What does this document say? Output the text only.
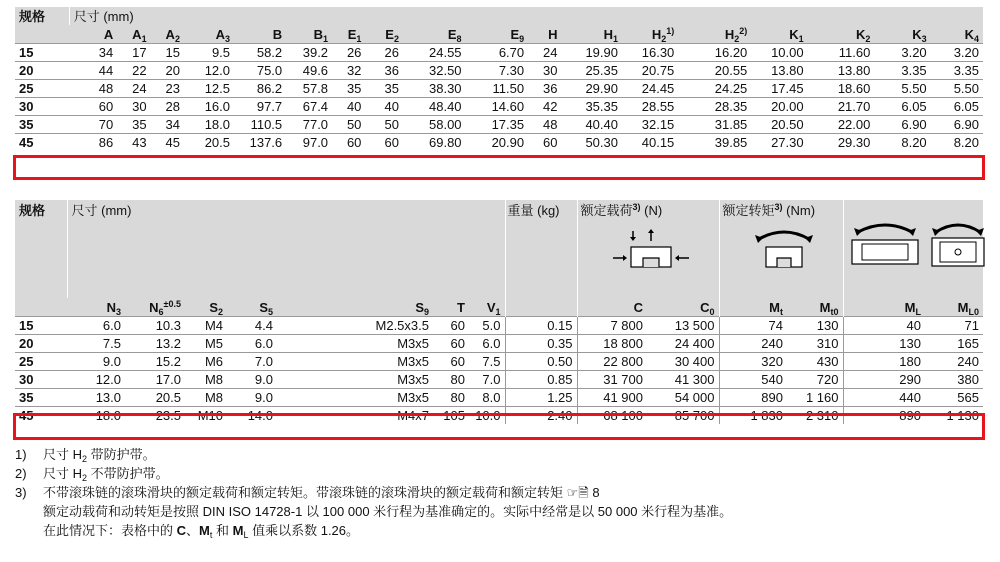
规格	尺寸 (mm)																	
	A	$A_1$	$A_2$	$A_3$	B	$B_1$	$E_1$	$E_2$	$E_8$	$E_9$	H	$H_1$	$H_2^{1)}$	$H_2^{2)}$	$K_1$	$K_2$	$K_3$	$K_4$
15	34	17	15	9.5	58.2	39.2	26	26	24.55	6.70	24	19.90	16.30	16.20	10.00	11.60	3.20	3.20
20	44	22	20	12.0	75.0	49.6	32	36	32.50	7.30	30	25.35	20.75	20.55	13.80	13.80	3.35	3.35
25	48	24	23	12.5	86.2	57.8	35	35	38.30	11.50	36	29.90	24.45	24.25	17.45	18.60	5.50	5.50
30	60	30	28	16.0	97.7	67.4	40	40	48.40	14.60	42	35.35	28.55	28.35	20.00	21.70	6.05	6.05
35	70	35	34	18.0	110.5	77.0	50	50	58.00	17.35	48	40.40	32.15	31.85	20.50	22.00	6.90	6.90
45	86	43	45	20.5	137.6	97.0	60	60	69.80	20.90	60	50.30	40.15	39.85	27.30	29.30	8.20	8.20
规格	尺寸 (mm)							重量 (kg)	额定载荷$^{3)}$ (N)		额定转矩$^{3)}$ (Nm)

	$N_3$	$N_6^{\pm 0.5}$	$S_2$	$S_5$	$S_9$	T	$V_1$		C	$C_0$	$M_t$	$M_{t0}$	$M_L$	$M_{L0}$
15	6.0	10.3	M4	4.4	M2.5x3.5	60	5.0	0.15	7 800	13 500	74	130	40	71
20	7.5	13.2	M5	6.0	M3x5	60	6.0	0.35	18 800	24 400	240	310	130	165
25	9.0	15.2	M6	7.0	M3x5	60	7.5	0.50	22 800	30 400	320	430	180	240
30	12.0	17.0	M8	9.0	M3x5	80	7.0	0.85	31 700	41 300	540	720	290	380
35	13.0	20.5	M8	9.0	M3x5	80	8.0	1.25	41 900	54 000	890	1 160	440	565
45	18.0	23.5	M10	14.0	M4x7	105	10.0	2.40	68 100	85 700	1 830	2 310	890	1 130
1) 尺寸 $H_2$ 带防护带。
2) 尺寸 $H_2$ 不带防护带。
3) 不带滚珠链的滚珠滑块的额定载荷和额定转矩。带滚珠链的滚珠滑块的额定载荷和额定转矩 ☞🗎 8
额定动载荷和动转矩是按照 DIN ISO 14728-1 以 100 000 米行程为基准确定的。实际中经常是以 50 000 米行程为基准。
在此情况下：表格中的 C、$M_t$ 和 $M_L$ 值乘以系数 1.26。
